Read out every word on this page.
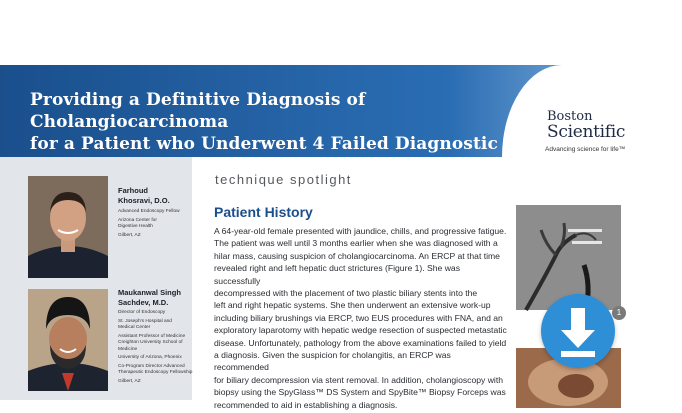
Providing a Definitive Diagnosis of Cholangiocarcinoma
for a Patient who Underwent 4 Failed Diagnostic
Boston
Scientific
Advancing science for life™
Farhoud
Khosravi, D.O.
Advanced Endoscopy Fellow
Arizona Center for
Digestive Health
Gilbert, AZ
Maukanwal Singh
Sachdev, M.D.
Director of Endoscopy
St. Joseph's Hospital and
Medical Center
Assistant Professor of Medicine
Creighton University School of
Medicine
University of Arizona, Phoenix
Co-Program Director Advanced
Therapeutic Endoscopy Fellowship
Gilbert, AZ
technique spotlight
Patient History
A 64-year-old female presented with jaundice, chills, and progressive fatigue.
The patient was well until 3 months earlier when she was diagnosed with a
hilar mass, causing suspicion of cholangiocarcinoma. An ERCP at that time
revealed right and left hepatic duct strictures (Figure 1). She was successfully
decompressed with the placement of two plastic biliary stents into the
left and right hepatic systems. She then underwent an extensive work-up
including biliary brushings via ERCP, two EUS procedures with FNA, and an
exploratory laparotomy with hepatic wedge resection of suspected metastatic
disease. Unfortunately, pathology from the above examinations failed to yield
a diagnosis. Given the suspicion for cholangitis, an ERCP was recommended
for biliary decompression via stent removal. In addition, cholangioscopy with
biopsy using the SpyGlass™ DS System and SpyBite™ Biopsy Forceps was
recommended to aid in establishing a diagnosis.
1
